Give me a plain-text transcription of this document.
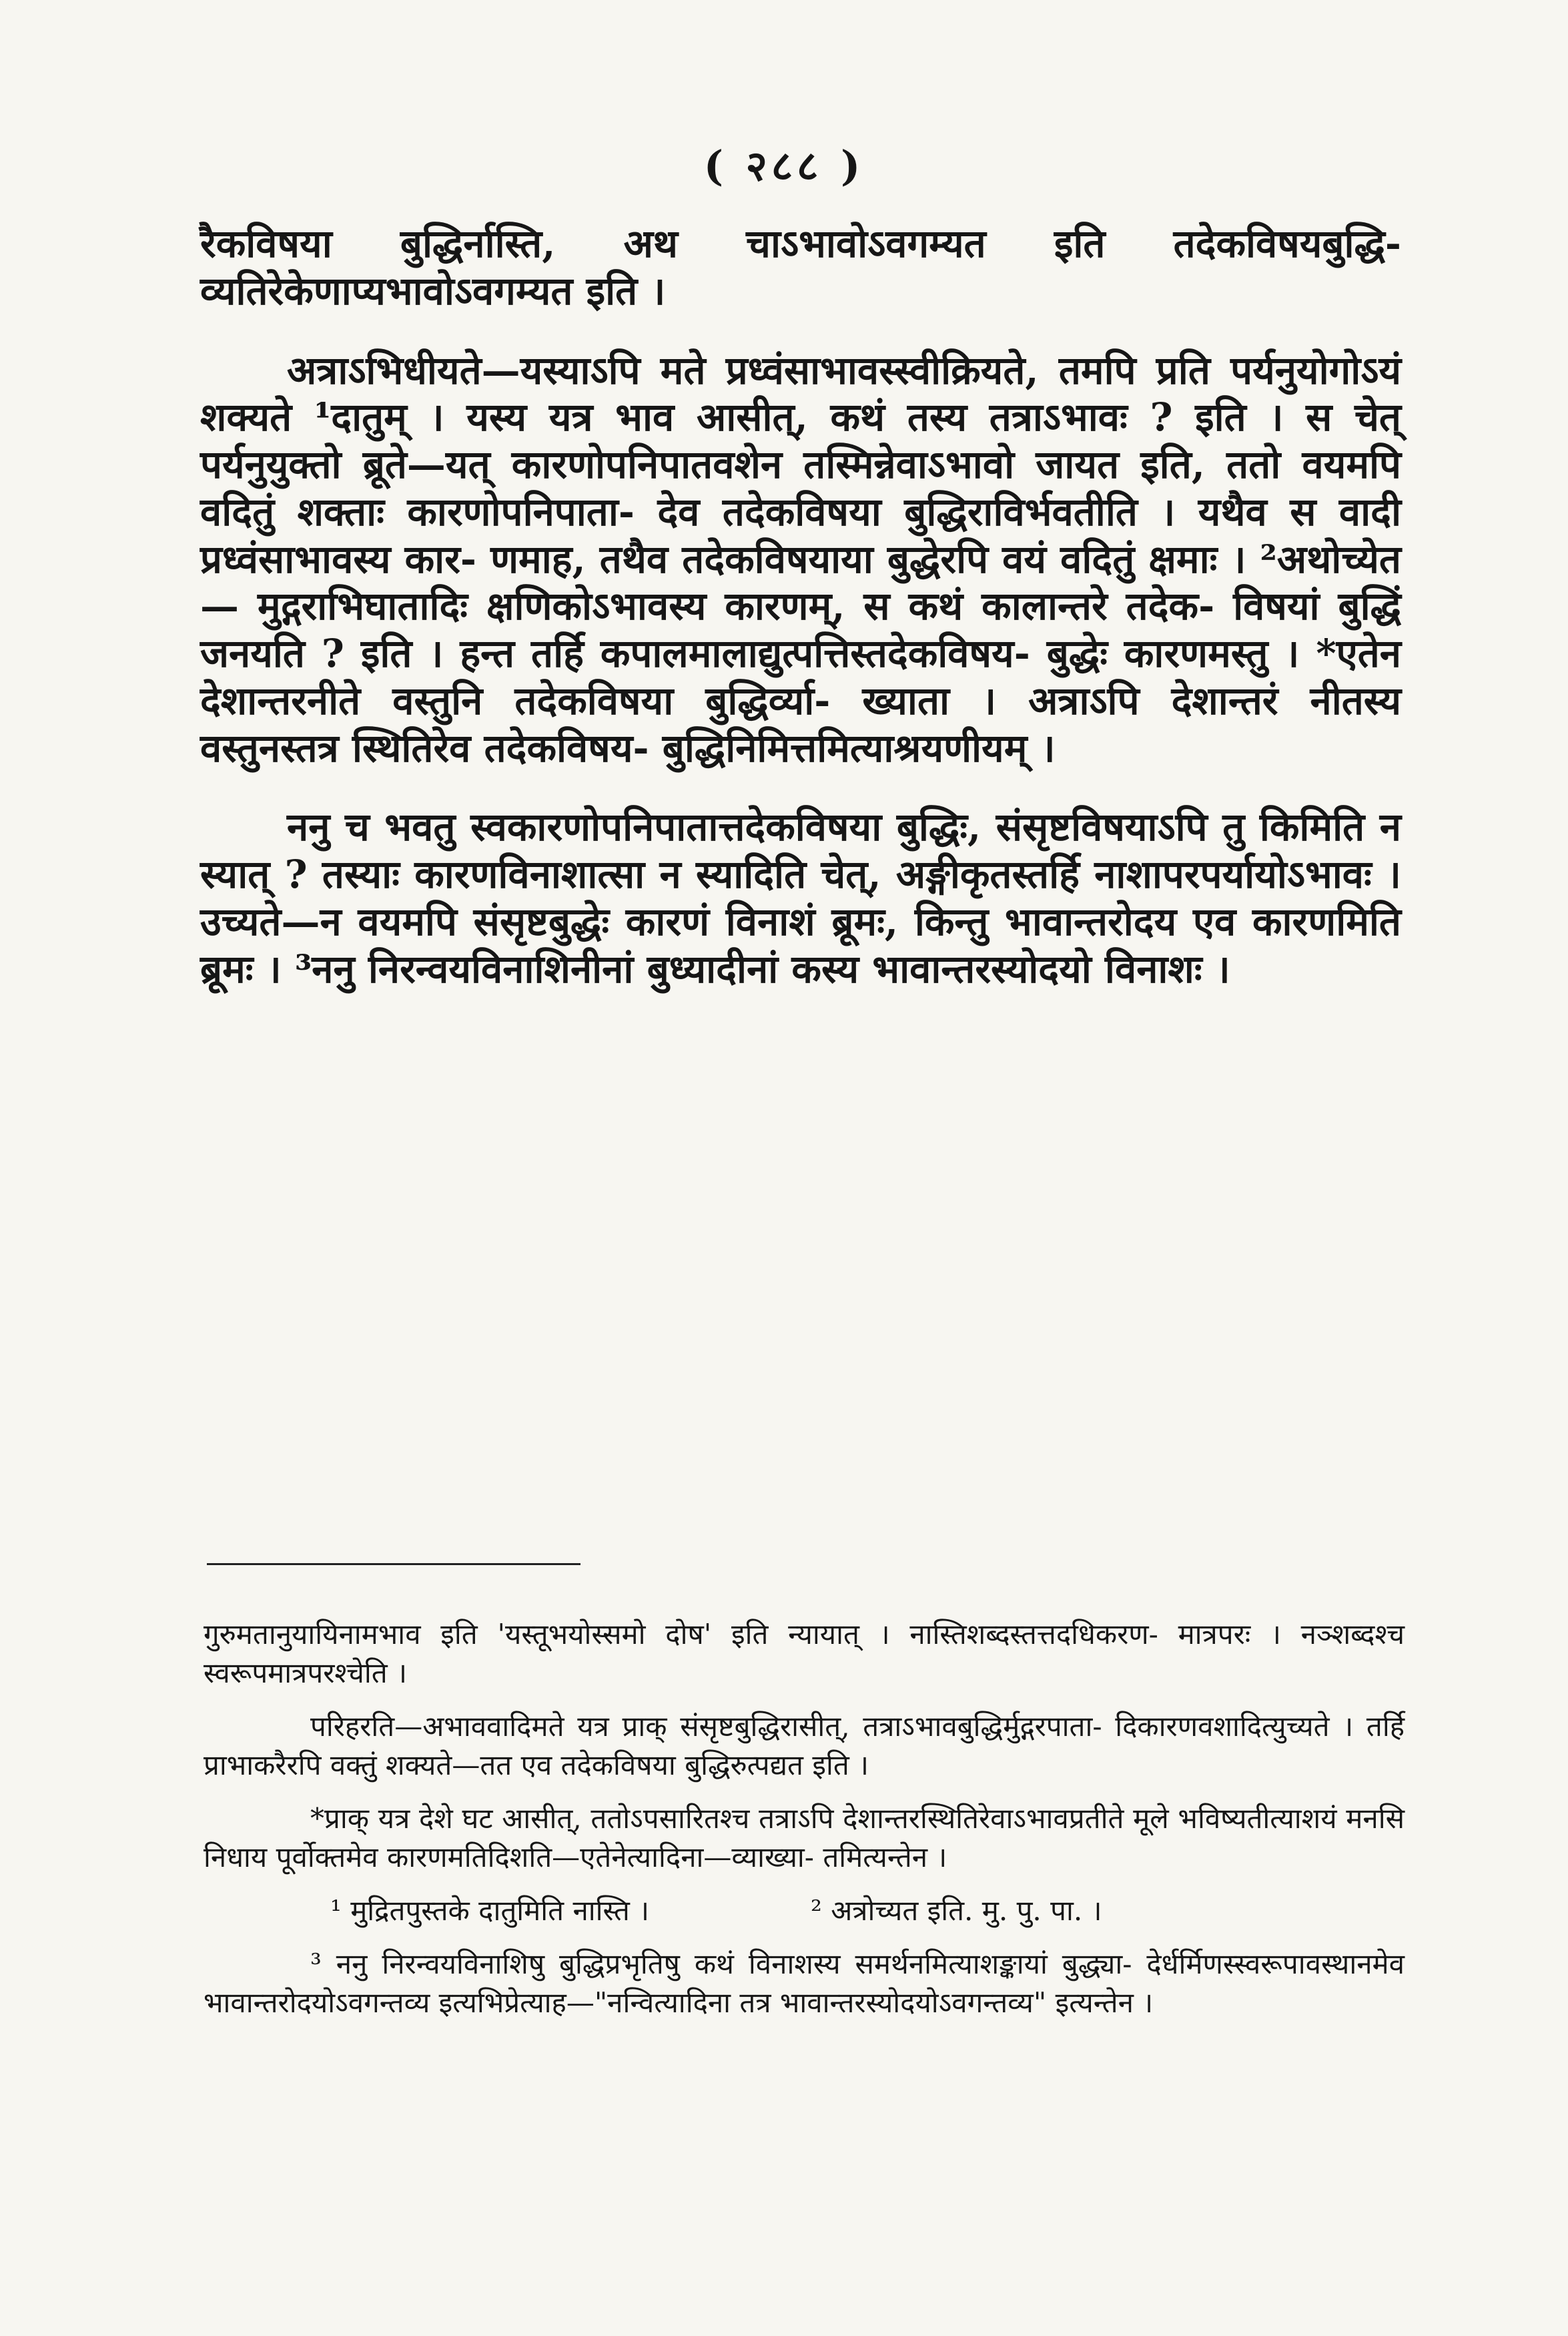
( २८८ )

रैकविषया बुद्धिर्नास्ति, अथ चाऽभावोऽवगम्यत इति तदेकविषयबुद्धि- व्यतिरेकेणाप्यभावोऽवगम्यत इति ।

अत्राऽभिधीयते—यस्याऽपि मते प्रध्वंसाभावस्स्वीक्रियते, तमपि प्रति पर्यनुयोगोऽयं शक्यते ¹दातुम् । यस्य यत्र भाव आसीत्, कथं तस्य तत्राऽभावः ? इति । स चेत् पर्यनुयुक्तो ब्रूते—यत् कारणोपनिपातवशेन तस्मिन्नेवाऽभावो जायत इति, ततो वयमपि वदितुं शक्ताः कारणोपनिपाता- देव तदेकविषया बुद्धिराविर्भवतीति । यथैव स वादी प्रध्वंसाभावस्य कार- णमाह, तथैव तदेकविषयाया बुद्धेरपि वयं वदितुं क्षमाः । ²अथोच्येत— मुद्गराभिघातादिः क्षणिकोऽभावस्य कारणम्, स कथं कालान्तरे तदेक- विषयां बुद्धिं जनयति ? इति । हन्त तर्हि कपालमालाद्युत्पत्तिस्तदेकविषय- बुद्धेः कारणमस्तु । *एतेन देशान्तरनीते वस्तुनि तदेकविषया बुद्धिर्व्या- ख्याता । अत्राऽपि देशान्तरं नीतस्य वस्तुनस्तत्र स्थितिरेव तदेकविषय- बुद्धिनिमित्तमित्याश्रयणीयम् ।

ननु च भवतु स्वकारणोपनिपातात्तदेकविषया बुद्धिः, संसृष्टविषयाऽपि तु किमिति न स्यात् ? तस्याः कारणविनाशात्सा न स्यादिति चेत्, अङ्गीकृतस्तर्हि नाशापरपर्यायोऽभावः । उच्यते—न वयमपि संसृष्टबुद्धेः कारणं विनाशं ब्रूमः, किन्तु भावान्तरोदय एव कारणमिति ब्रूमः । ³ननु निरन्वयविनाशिनीनां बुध्यादीनां कस्य भावान्तरस्योदयो विनाशः ।

गुरुमतानुयायिनामभाव इति 'यस्तूभयोस्समो दोष' इति न्यायात् । नास्तिशब्दस्तत्तदधिकरण- मात्रपरः । नञ्शब्दश्च स्वरूपमात्रपरश्चेति ।

परिहरति—अभाववादिमते यत्र प्राक् संसृष्टबुद्धिरासीत्, तत्राऽभावबुद्धिर्मुद्गरपाता- दिकारणवशादित्युच्यते । तर्हि प्राभाकरैरपि वक्तुं शक्यते—तत एव तदेकविषया बुद्धिरुत्पद्यत इति ।

*प्राक् यत्र देशे घट आसीत्, ततोऽपसारितश्च तत्राऽपि देशान्तरस्थितिरेवाऽभावप्रतीते मूले भविष्यतीत्याशयं मनसि निधाय पूर्वोक्तमेव कारणमतिदिशति—एतेनेत्यादिना—व्याख्या- तमित्यन्तेन ।

¹ मुद्रितपुस्तके दातुमिति नास्ति ।	² अत्रोच्यत इति. मु. पु. पा. ।

³ ननु निरन्वयविनाशिषु बुद्धिप्रभृतिषु कथं विनाशस्य समर्थनमित्याशङ्कायां बुद्ध्या- देर्धर्मिणस्स्वरूपावस्थानमेव भावान्तरोदयोऽवगन्तव्य इत्यभिप्रेत्याह—"नन्वित्यादिना तत्र भावान्तरस्योदयोऽवगन्तव्य" इत्यन्तेन ।
